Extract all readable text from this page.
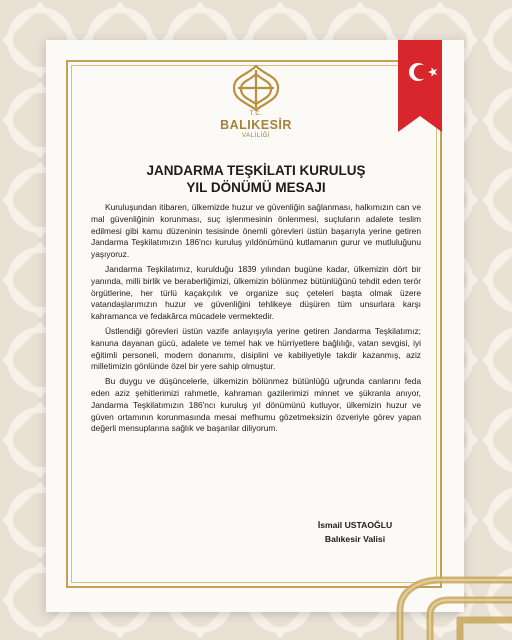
T.C.
BALIKESİR
VALİLİĞİ
JANDARMA TEŞKİLATI KURULUŞ
YIL DÖNÜMÜ MESAJI

Kuruluşundan itibaren, ülkemizde huzur ve güvenliğin sağlanması, halkımızın can ve mal güvenliğinin korunması, suç işlenmesinin önlenmesi, suçluların adalete teslim edilmesi gibi kamu düzeninin tesisinde önemli görevleri üstün başarıyla yerine getiren Jandarma Teşkilatımızın 186'ncı kuruluş yıldönümünü kutlamanın gurur ve mutluluğunu yaşıyoruz.

Jandarma Teşkilatımız, kurulduğu 1839 yılından bugüne kadar, ülkemizin dört bir yanında, milli birlik ve beraberliğimizi, ülkemizin bölünmez bütünlüğünü tehdit eden terör örgütlerine, her türlü kaçakçılık ve organize suç çeteleri başta olmak üzere vatandaşlarımızın huzur ve güvenliğini tehlikeye düşüren tüm unsurlara karşı kahramanca ve fedakârca mücadele vermektedir.

Üstlendiği görevleri üstün vazife anlayışıyla yerine getiren Jandarma Teşkilatımız; kanuna dayanan gücü, adalete ve temel hak ve hürriyetlere bağlılığı, vatan sevgisi, iyi eğitimli personeli, modern donanımı, disiplini ve kabiliyetiyle takdir kazanmış, aziz milletimizin gönlünde özel bir yere sahip olmuştur.

Bu duygu ve düşüncelerle, ülkemizin bölünmez bütünlüğü uğrunda canlarını feda eden aziz şehitlerimizi rahmetle, kahraman gazilerimizi minnet ve şükranla anıyor, Jandarma Teşkilatımızın 186'ncı kuruluş yıl dönümünü kutluyor, ülkemizin huzur ve güven ortamının korunmasında mesai mefhumu gözetmeksizin özveriyle görev yapan değerli mensuplarına sağlık ve başarılar diliyorum.

İsmail USTAOĞLU
Balıkesir Valisi
